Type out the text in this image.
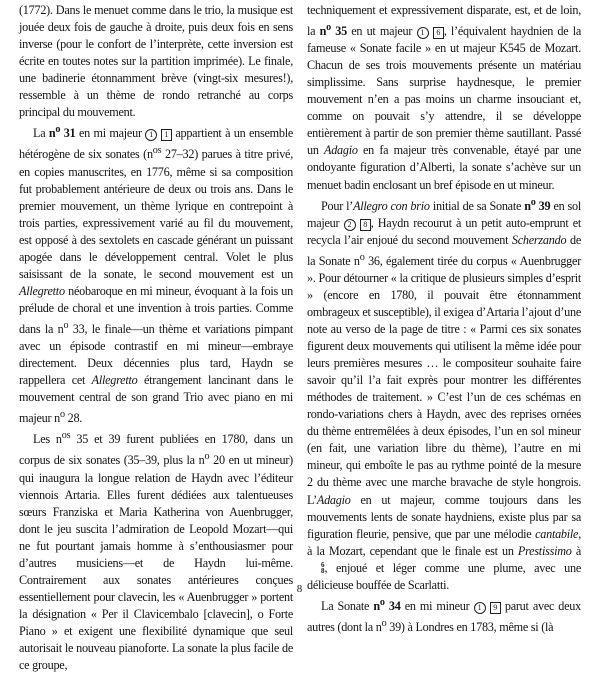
(1772). Dans le menuet comme dans le trio, la musique est jouée deux fois de gauche à droite, puis deux fois en sens inverse (pour le confort de l’interprète, cette inversion est écrite en toutes notes sur la partition imprimée). Le finale, une badinerie étonnamment brève (vingt-six mesures!), ressemble à un thème de rondo retranché au corps principal du mouvement.

La $n^o$ 31 en mi majeur 1 1 appartient à un ensemble hétérogène de six sonates ($n^{os}$ 27–32) parues à titre privé, en copies manuscrites, en 1776, même si sa composition fut probablement antérieure de deux ou trois ans. Dans le premier mouvement, un thème lyrique en contrepoint à trois parties, expressivement varié au fil du mouvement, est opposé à des sextolets en cascade générant un puissant apogée dans le développement central. Volet le plus saisissant de la sonate, le second mouvement est un Allegretto néobaroque en mi mineur, évoquant à la fois un prélude de choral et une invention à trois parties. Comme dans la $n^o$ 33, le finale—un thème et variations pimpant avec un épisode contrastif en mi mineur—embraye directement. Deux décennies plus tard, Haydn se rappellera cet Allegretto étrangement lancinant dans le mouvement central de son grand Trio avec piano en mi majeur $n^o$ 28.

Les $n^{os}$ 35 et 39 furent publiées en 1780, dans un corpus de six sonates (35–39, plus la $n^o$ 20 en ut mineur) qui inaugura la longue relation de Haydn avec l’éditeur viennois Artaria. Elles furent dédiées aux talentueuses sœurs Franziska et Maria Katherina von Auenbrugger, dont le jeu suscita l’admiration de Leopold Mozart—qui ne fut pourtant jamais homme à s’enthousiasmer pour d’autres musiciens—et de Haydn lui-même. Contrairement aux sonates antérieures conçues essentiellement pour clavecin, les « Auenbrugger » portent la désignation « Per il Clavicembalo [clavecin], o Forte Piano » et exigent une flexibilité dynamique que seul autorisait le nouveau pianoforte. La sonate la plus facile de ce groupe,

techniquement et expressivement disparate, est, et de loin, la $n^o$ 35 en ut majeur 1 6 , l’équivalent haydnien de la fameuse « Sonate facile » en ut majeur K545 de Mozart. Chacun de ses trois mouvements présente un matériau simplissime. Sans surprise haydnesque, le premier mouvement n’en a pas moins un charme insouciant et, comme on pouvait s’y attendre, il se développe entièrement à partir de son premier thème sautillant. Passé un Adagio en fa majeur très convenable, étayé par une ondoyante figuration d’Alberti, la sonate s’achève sur un menuet badin enclosant un bref épisode en ut mineur.

Pour l’Allegro con brio initial de sa Sonate $n^o$ 39 en sol majeur 2 8 , Haydn recourut à un petit auto-emprunt et recycla l’air enjoué du second mouvement Scherzando de la Sonate $n^o$ 36, également tirée du corpus « Auenbrugger ». Pour détourner « la critique de plusieurs simples d’esprit » (encore en 1780, il pouvait être étonnamment ombrageux et susceptible), il exigea d’Artaria l’ajout d’une note au verso de la page de titre : « Parmi ces six sonates figurent deux mouvements qui utilisent la même idée pour leurs premières mesures … le compositeur souhaite faire savoir qu’il l’a fait exprès pour montrer les différentes méthodes de traitement. » C’est l’un de ces schémas en rondo-variations chers à Haydn, avec des reprises ornées du thème entremêlées à deux épisodes, l’un en sol mineur (en fait, une variation libre du thème), l’autre en mi mineur, qui emboîte le pas au rythme pointé de la mesure 2 du thème avec une marche bravache de style hongrois. L’Adagio en ut majeur, comme toujours dans les mouvements lents de sonate haydniens, existe plus par sa figuration fleurie, pensive, que par une mélodie cantabile, à la Mozart, cependant que le finale est un Prestissimo à
6
8 , enjoué et léger comme une plume, avec une délicieuse bouffée de Scarlatti.

La Sonate $n^o$ 34 en mi mineur 1 9 parut avec deux autres (dont la $n^o$ 39) à Londres en 1783, même si (là

8
